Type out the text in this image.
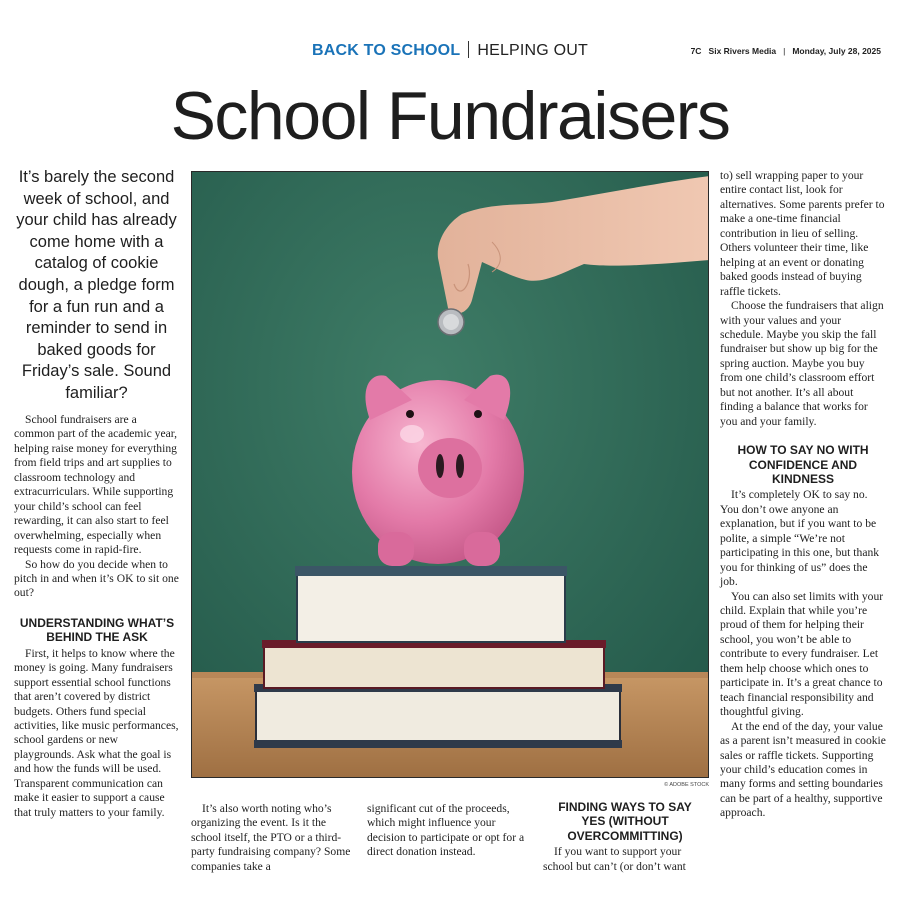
BACK TO SCHOOL HELPING OUT	7C Six Rivers Media | Monday, July 28, 2025
School Fundraisers
It’s barely the second week of school, and your child has already come home with a catalog of cookie dough, a pledge form for a fun run and a reminder to send in baked goods for Friday’s sale. Sound familiar?

School fundraisers are a common part of the academic year, helping raise money for everything from field trips and art supplies to classroom technology and extracurriculars. While supporting your child’s school can feel rewarding, it can also start to feel overwhelming, especially when requests come in rapid-fire.

So how do you decide when to pitch in and when it’s OK to sit one out?

UNDERSTANDING WHAT’S BEHIND THE ASK

First, it helps to know where the money is going. Many fundraisers support essential school functions that aren’t covered by district budgets. Others fund special activities, like music performances, school gardens or new playgrounds. Ask what the goal is and how the funds will be used. Transparent communication can make it easier to support a cause that truly matters to your family.

© ADOBE STOCK

It’s also worth noting who’s organizing the event. Is it the school itself, the PTO or a third-party fundraising company? Some companies take a

significant cut of the proceeds, which might influence your decision to participate or opt for a direct donation instead.

FINDING WAYS TO SAY YES (WITHOUT OVERCOMMITTING)

If you want to support your school but can’t (or don’t want

to) sell wrapping paper to your entire contact list, look for alternatives. Some parents prefer to make a one-time financial contribution in lieu of selling. Others volunteer their time, like helping at an event or donating baked goods instead of buying raffle tickets.

Choose the fundraisers that align with your values and your schedule. Maybe you skip the fall fundraiser but show up big for the spring auction. Maybe you buy from one child’s classroom effort but not another. It’s all about finding a balance that works for you and your family.

HOW TO SAY NO WITH CONFIDENCE AND KINDNESS

It’s completely OK to say no. You don’t owe anyone an explanation, but if you want to be polite, a simple “We’re not participating in this one, but thank you for thinking of us” does the job.

You can also set limits with your child. Explain that while you’re proud of them for helping their school, you won’t be able to contribute to every fundraiser. Let them help choose which ones to participate in. It’s a great chance to teach financial responsibility and thoughtful giving.

At the end of the day, your value as a parent isn’t measured in cookie sales or raffle tickets. Supporting your child’s education comes in many forms and setting boundaries can be part of a healthy, supportive approach.
